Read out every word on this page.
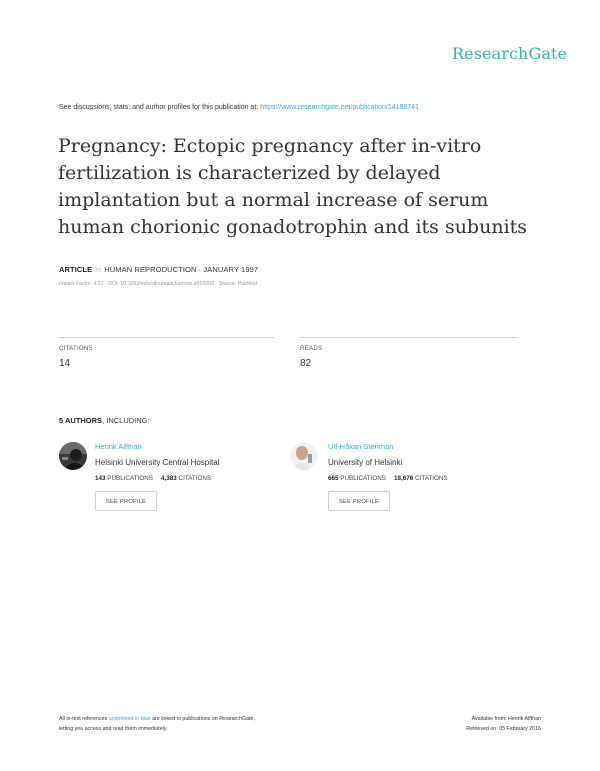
ResearchGate
See discussions, stats, and author profiles for this publication at: https://www.researchgate.net/publication/14188741
Pregnancy: Ectopic pregnancy after in-vitro
fertilization is characterized by delayed
implantation but a normal increase of serum
human chorionic gonadotrophin and its subunits
ARTICLE in HUMAN REPRODUCTION · JANUARY 1997
Impact Factor: 4.57 · DOI: 10.1093/oxfordjournals.humrep.a019203 · Source: PubMed
CITATIONS
14
READS
82
5 AUTHORS, INCLUDING:
Henrik Alfthan
Helsinki University Central Hospital
143 PUBLICATIONS 4,383 CITATIONS
SEE PROFILE
Ulf-Håkan Stenman
University of Helsinki
665 PUBLICATIONS 18,676 CITATIONS
SEE PROFILE
All in-text references underlined in blue are linked to publications on ResearchGate,
letting you access and read them immediately.
Available from: Henrik Alfthan
Retrieved on: 05 February 2016
